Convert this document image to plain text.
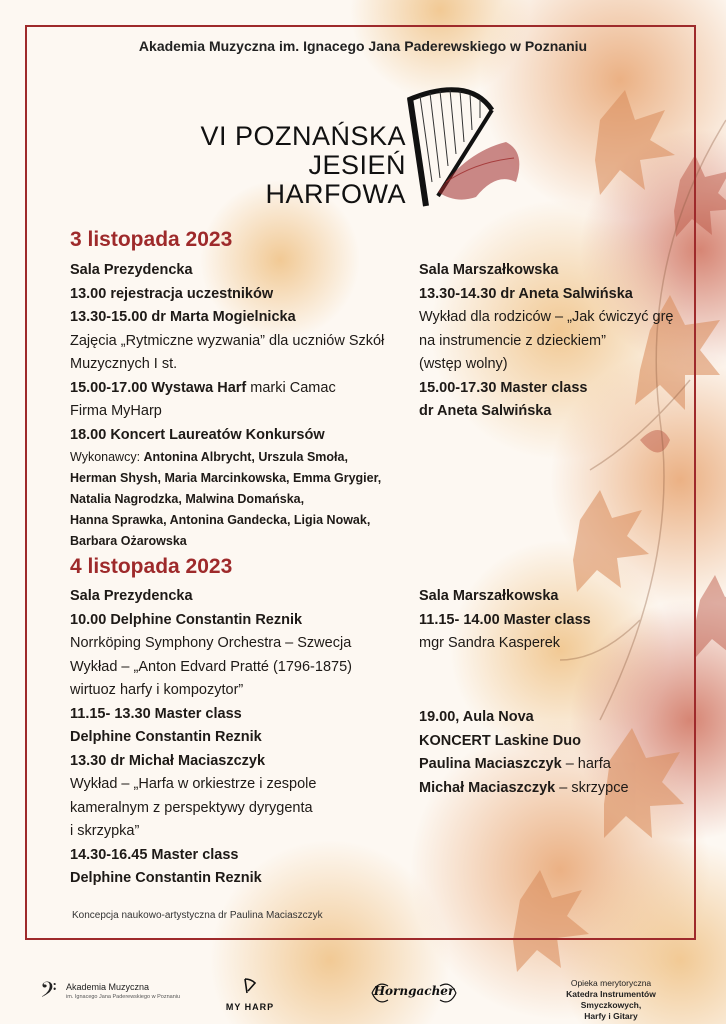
Akademia Muzyczna im. Ignacego Jana Paderewskiego w Poznaniu
VI POZNAŃSKA
JESIEŃ
HARFOWA
3 listopada 2023
Sala Prezydencka
13.00 rejestracja uczestników
13.30-15.00 dr Marta Mogielnicka
Zajęcia „Rytmiczne wyzwania” dla uczniów Szkół
Muzycznych I st.
15.00-17.00 Wystawa Harf marki Camac
Firma MyHarp
18.00 Koncert Laureatów Konkursów
Wykonawcy: Antonina Albrycht, Urszula Smoła,
Herman Shysh, Maria Marcinkowska, Emma Grygier,
Natalia Nagrodzka, Malwina Domańska,
Hanna Sprawka, Antonina Gandecka, Ligia Nowak,
Barbara Ożarowska
Sala Marszałkowska
13.30-14.30 dr Aneta Salwińska
Wykład dla rodziców – „Jak ćwiczyć grę
na instrumencie z dzieckiem”
(wstęp wolny)
15.00-17.30 Master class
dr Aneta Salwińska
4 listopada 2023
Sala Prezydencka
10.00 Delphine Constantin Reznik
Norrköping Symphony Orchestra – Szwecja
Wykład – „Anton Edvard Pratté (1796-1875)
wirtuoz harfy i kompozytor”
11.15- 13.30 Master class
Delphine Constantin Reznik
13.30 dr Michał Maciaszczyk
Wykład – „Harfa w orkiestrze i zespole
kameralnym z perspektywy dyrygenta
i skrzypka”
14.30-16.45 Master class
Delphine Constantin Reznik
Sala Marszałkowska
11.15- 14.00 Master class
mgr Sandra Kasperek
19.00, Aula Nova
KONCERT Laskine Duo
Paulina Maciaszczyk – harfa
Michał Maciaszczyk – skrzypce
Koncepcja naukowo-artystyczna dr Paulina Maciaszczyk
𝄢 Akademia Muzyczna
im. Ignacego Jana Paderewskiego w Poznaniu
MY HARP
Horngacher
Opieka merytoryczna
Katedra Instrumentów Smyczkowych,
Harfy i Gitary
